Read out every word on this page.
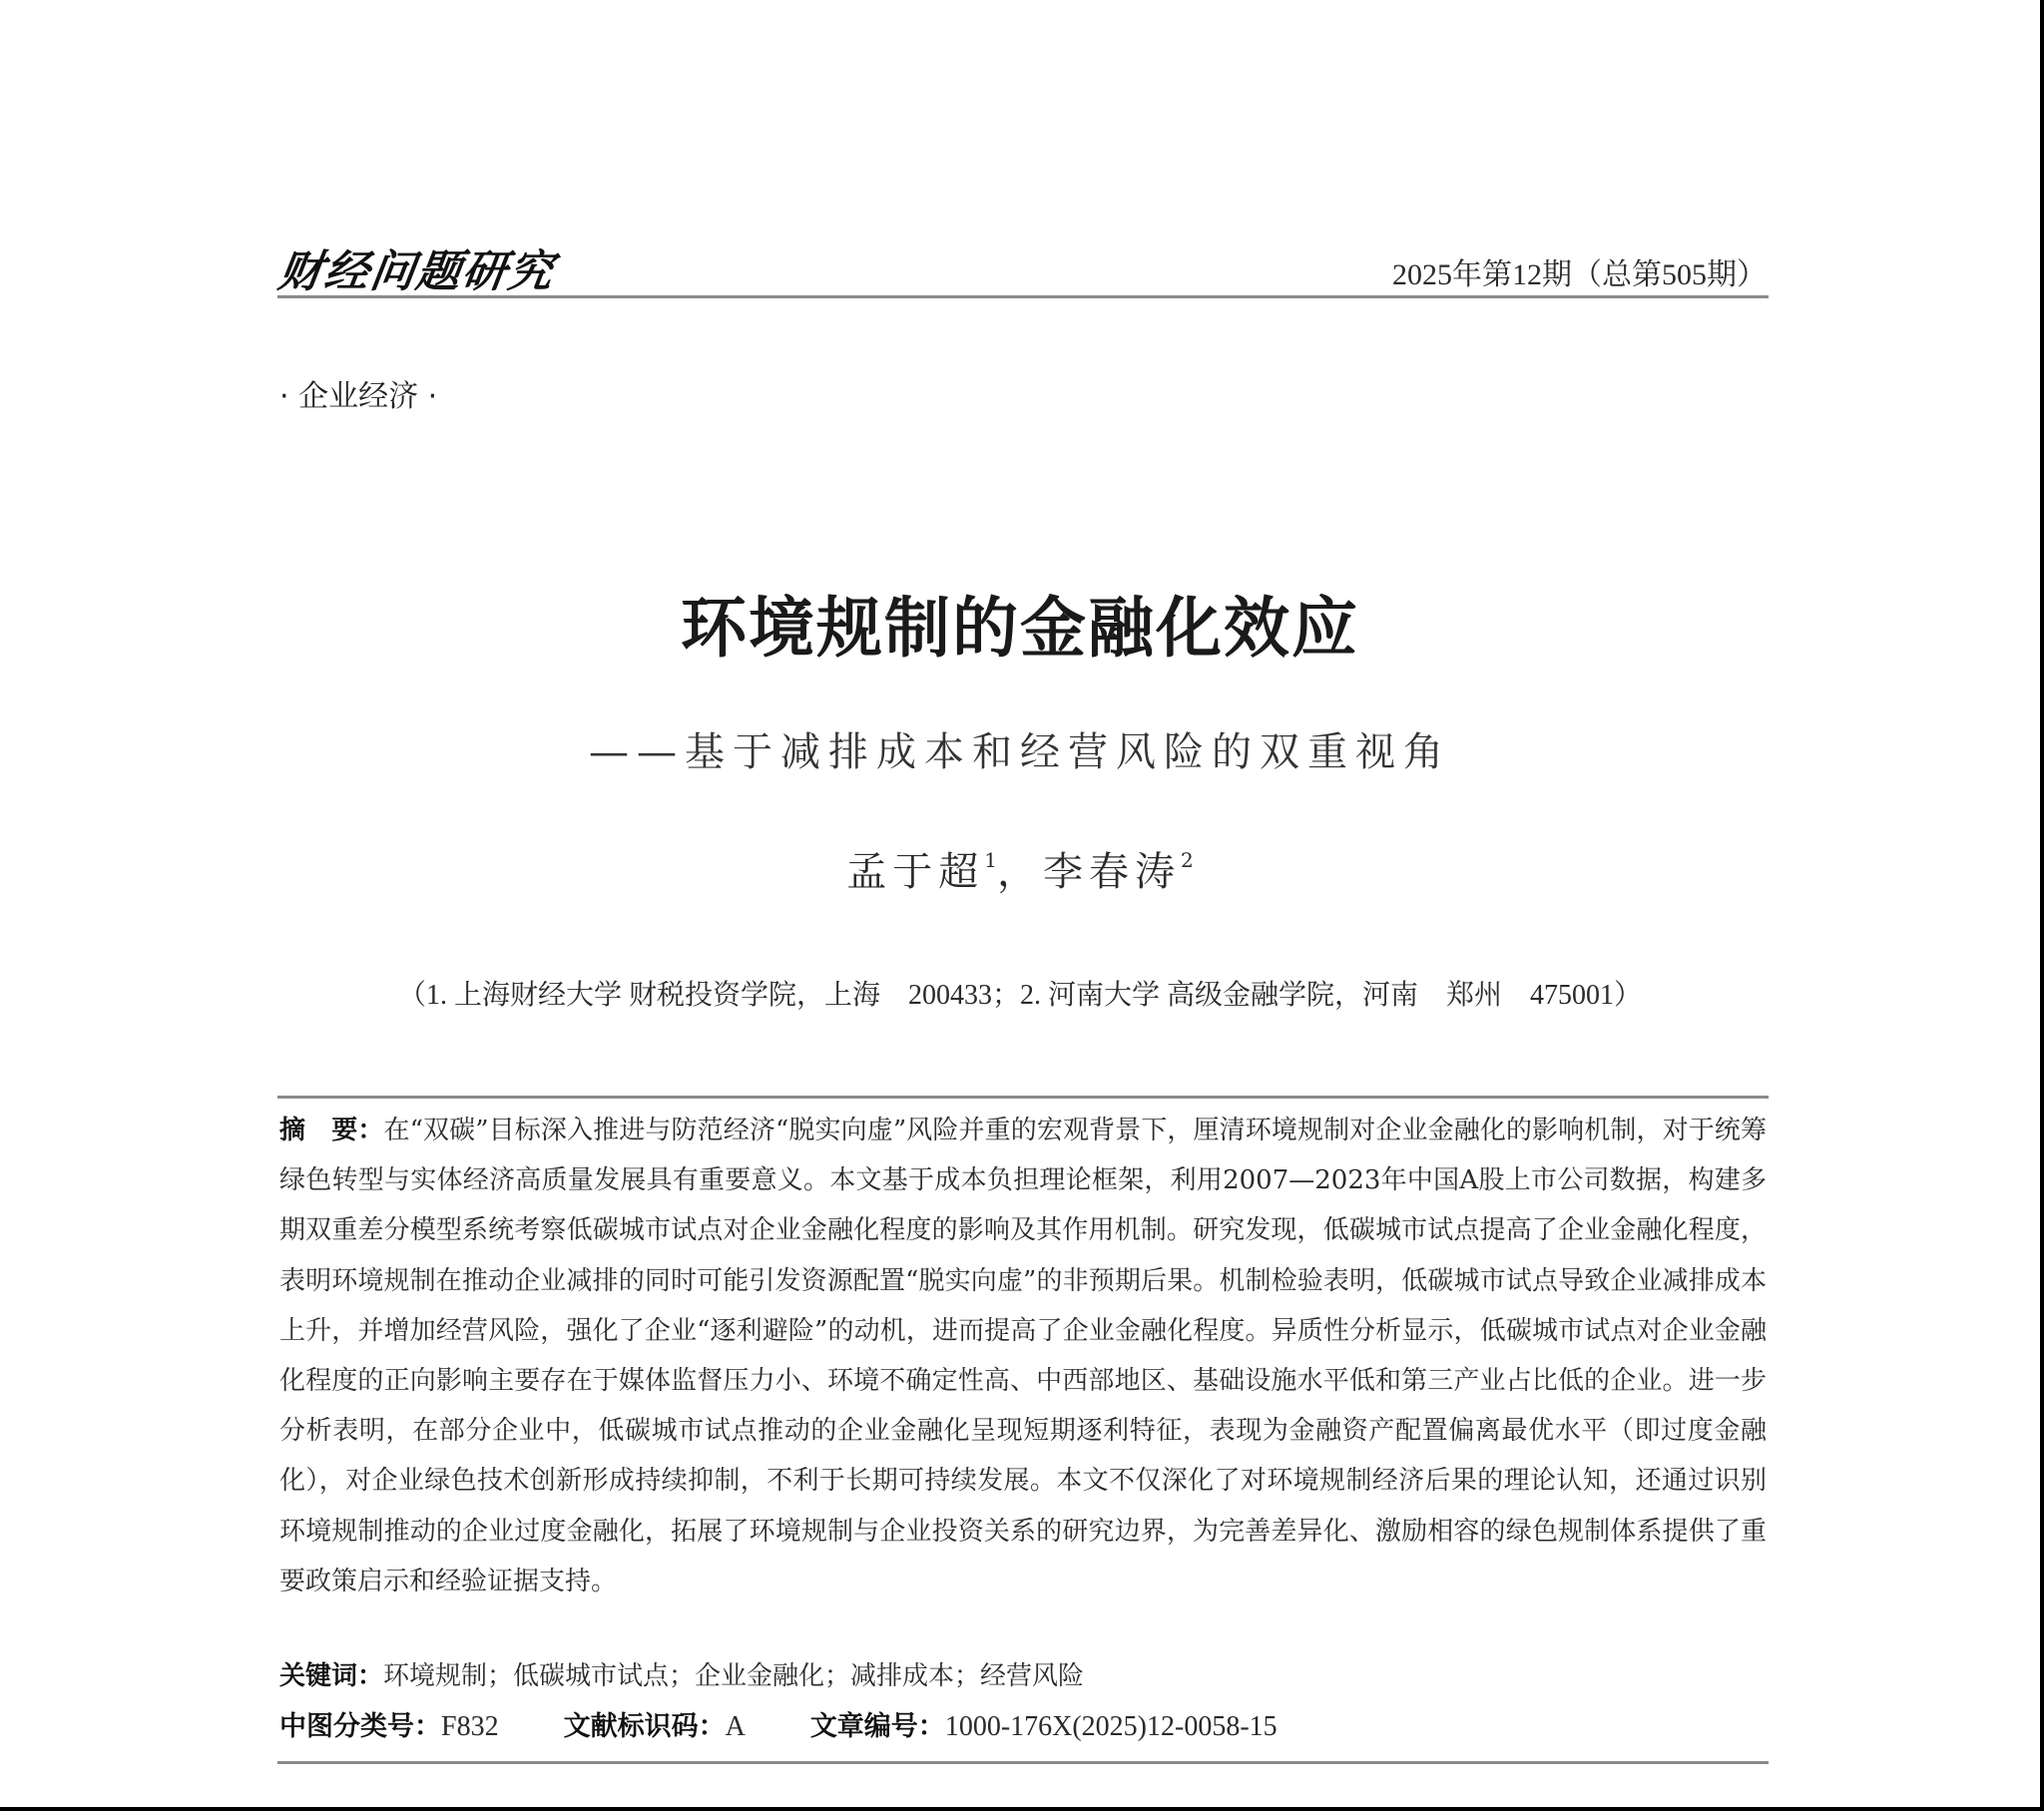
财经问题研究	2025年第12期（总第505期）
· 企业经济 ·
环境规制的金融化效应
——基于减排成本和经营风险的双重视角
孟于超$^1$，李春涛$^2$
（1. 上海财经大学 财税投资学院，上海　200433；2. 河南大学 高级金融学院，河南　郑州　475001）
摘　要：在“双碳”目标深入推进与防范经济“脱实向虚”风险并重的宏观背景下，厘清环境规制对企业金融化的影响机制，对于统筹绿色转型与实体经济高质量发展具有重要意义。本文基于成本负担理论框架，利用2007—2023年中国A股上市公司数据，构建多期双重差分模型系统考察低碳城市试点对企业金融化程度的影响及其作用机制。研究发现，低碳城市试点提高了企业金融化程度，表明环境规制在推动企业减排的同时可能引发资源配置“脱实向虚”的非预期后果。机制检验表明，低碳城市试点导致企业减排成本上升，并增加经营风险，强化了企业“逐利避险”的动机，进而提高了企业金融化程度。异质性分析显示，低碳城市试点对企业金融化程度的正向影响主要存在于媒体监督压力小、环境不确定性高、中西部地区、基础设施水平低和第三产业占比低的企业。进一步分析表明，在部分企业中，低碳城市试点推动的企业金融化呈现短期逐利特征，表现为金融资产配置偏离最优水平（即过度金融化），对企业绿色技术创新形成持续抑制，不利于长期可持续发展。本文不仅深化了对环境规制经济后果的理论认知，还通过识别环境规制推动的企业过度金融化，拓展了环境规制与企业投资关系的研究边界，为完善差异化、激励相容的绿色规制体系提供了重要政策启示和经验证据支持。
关键词：环境规制；低碳城市试点；企业金融化；减排成本；经营风险
中图分类号：F832 文献标识码：A 文章编号：1000-176X(2025)12-0058-15
